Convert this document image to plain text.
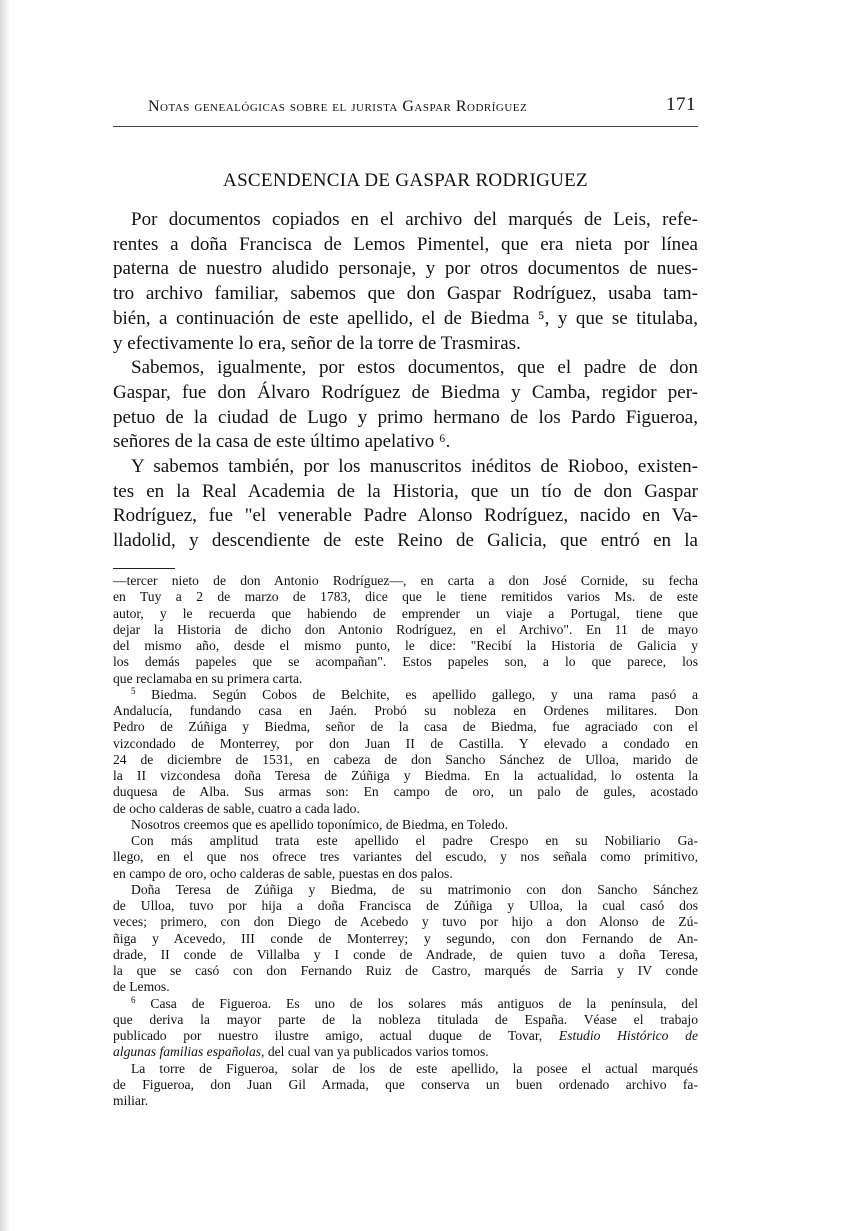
Notas genealógicas sobre el jurista Gaspar Rodríguez	171
ASCENDENCIA DE GASPAR RODRIGUEZ
Por documentos copiados en el archivo del marqués de Leis, refe-
rentes a doña Francisca de Lemos Pimentel, que era nieta por línea
paterna de nuestro aludido personaje, y por otros documentos de nues-
tro archivo familiar, sabemos que don Gaspar Rodríguez, usaba tam-
bién, a continuación de este apellido, el de Biedma ⁵, y que se titulaba,
y efectivamente lo era, señor de la torre de Trasmiras.
Sabemos, igualmente, por estos documentos, que el padre de don
Gaspar, fue don Álvaro Rodríguez de Biedma y Camba, regidor per-
petuo de la ciudad de Lugo y primo hermano de los Pardo Figueroa,
señores de la casa de este último apelativo ⁶.
Y sabemos también, por los manuscritos inéditos de Rioboo, existen-
tes en la Real Academia de la Historia, que un tío de don Gaspar
Rodríguez, fue "el venerable Padre Alonso Rodríguez, nacido en Va-
lladolid, y descendiente de este Reino de Galicia, que entró en la
—tercer nieto de don Antonio Rodríguez—, en carta a don José Cornide, su fecha
en Tuy a 2 de marzo de 1783, dice que le tiene remitidos varios Ms. de este
autor, y le recuerda que habiendo de emprender un viaje a Portugal, tiene que
dejar la Historia de dicho don Antonio Rodríguez, en el Archivo". En 11 de mayo
del mismo año, desde el mismo punto, le dice: "Recibí la Historia de Galicia y
los demás papeles que se acompañan". Estos papeles son, a lo que parece, los
que reclamaba en su primera carta.
$^5$ Biedma. Según Cobos de Belchite, es apellido gallego, y una rama pasó a
Andalucía, fundando casa en Jaén. Probó su nobleza en Ordenes militares. Don
Pedro de Zúñiga y Biedma, señor de la casa de Biedma, fue agraciado con el
vizcondado de Monterrey, por don Juan II de Castilla. Y elevado a condado en
24 de diciembre de 1531, en cabeza de don Sancho Sánchez de Ulloa, marido de
la II vizcondesa doña Teresa de Zúñiga y Biedma. En la actualidad, lo ostenta la
duquesa de Alba. Sus armas son: En campo de oro, un palo de gules, acostado
de ocho calderas de sable, cuatro a cada lado.
Nosotros creemos que es apellido toponímico, de Biedma, en Toledo.
Con más amplitud trata este apellido el padre Crespo en su Nobiliario Ga-
llego, en el que nos ofrece tres variantes del escudo, y nos señala como primitivo,
en campo de oro, ocho calderas de sable, puestas en dos palos.
Doña Teresa de Zúñiga y Biedma, de su matrimonio con don Sancho Sánchez
de Ulloa, tuvo por hija a doña Francisca de Zúñiga y Ulloa, la cual casó dos
veces; primero, con don Diego de Acebedo y tuvo por hijo a don Alonso de Zú-
ñiga y Acevedo, III conde de Monterrey; y segundo, con don Fernando de An-
drade, II conde de Villalba y I conde de Andrade, de quien tuvo a doña Teresa,
la que se casó con don Fernando Ruiz de Castro, marqués de Sarria y IV conde
de Lemos.
$^6$ Casa de Figueroa. Es uno de los solares más antiguos de la península, del
que deriva la mayor parte de la nobleza titulada de España. Véase el trabajo
publicado por nuestro ilustre amigo, actual duque de Tovar, Estudio Histórico de
algunas familias españolas, del cual van ya publicados varios tomos.
La torre de Figueroa, solar de los de este apellido, la posee el actual marqués
de Figueroa, don Juan Gil Armada, que conserva un buen ordenado archivo fa-
miliar.
